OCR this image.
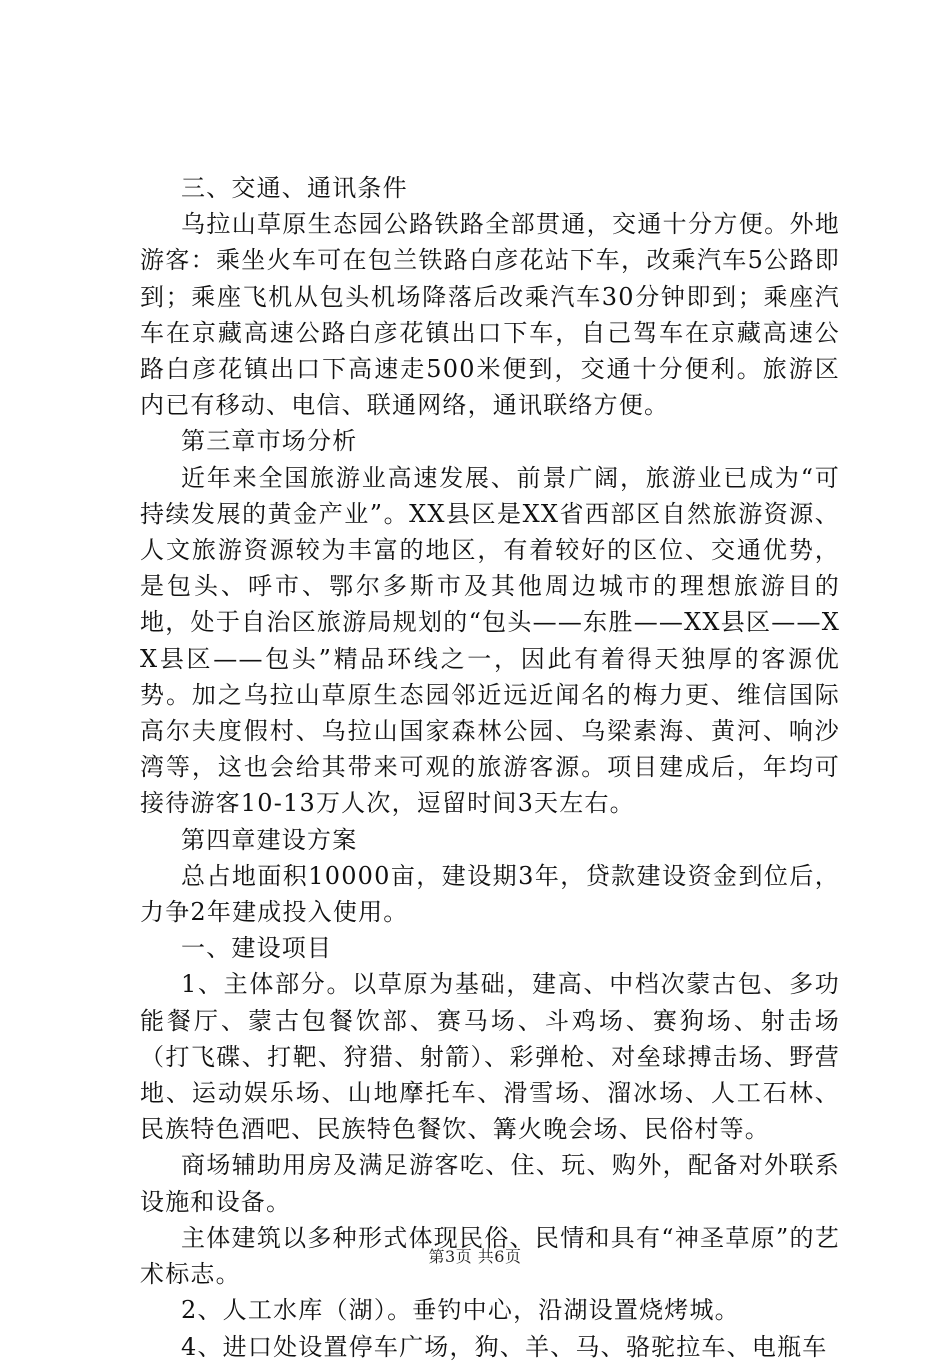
三、交通、通讯条件

乌拉山草原生态园公路铁路全部贯通，交通十分方便。外地游客：乘坐火车可在包兰铁路白彦花站下车，改乘汽车5公路即到；乘座飞机从包头机场降落后改乘汽车30分钟即到；乘座汽车在京藏高速公路白彦花镇出口下车，自己驾车在京藏高速公路白彦花镇出口下高速走500米便到，交通十分便利。旅游区内已有移动、电信、联通网络，通讯联络方便。

第三章市场分析

近年来全国旅游业高速发展、前景广阔，旅游业已成为“可持续发展的黄金产业”。XX县区是XX省西部区自然旅游资源、人文旅游资源较为丰富的地区，有着较好的区位、交通优势，是包头、呼市、鄂尔多斯市及其他周边城市的理想旅游目的地，处于自治区旅游局规划的“包头——东胜——XX县区——XX县区——包头”精品环线之一，因此有着得天独厚的客源优势。加之乌拉山草原生态园邻近远近闻名的梅力更、维信国际高尔夫度假村、乌拉山国家森林公园、乌梁素海、黄河、响沙湾等，这也会给其带来可观的旅游客源。项目建成后，年均可接待游客10-13万人次，逗留时间3天左右。

第四章建设方案

总占地面积10000亩，建设期3年，贷款建设资金到位后，力争2年建成投入使用。

一、建设项目

1、主体部分。以草原为基础，建高、中档次蒙古包、多功能餐厅、蒙古包餐饮部、赛马场、斗鸡场、赛狗场、射击场（打飞碟、打靶、狩猎、射箭）、彩弹枪、对垒球搏击场、野营地、运动娱乐场、山地摩托车、滑雪场、溜冰场、人工石林、民族特色酒吧、民族特色餐饮、篝火晚会场、民俗村等。

商场辅助用房及满足游客吃、住、玩、购外，配备对外联系设施和设备。

主体建筑以多种形式体现民俗、民情和具有“神圣草原”的艺术标志。

2、人工水库（湖）。垂钓中心，沿湖设置烧烤城。

4、进口处设置停车广场，狗、羊、马、骆驼拉车、电瓶车

第3页 共6页
